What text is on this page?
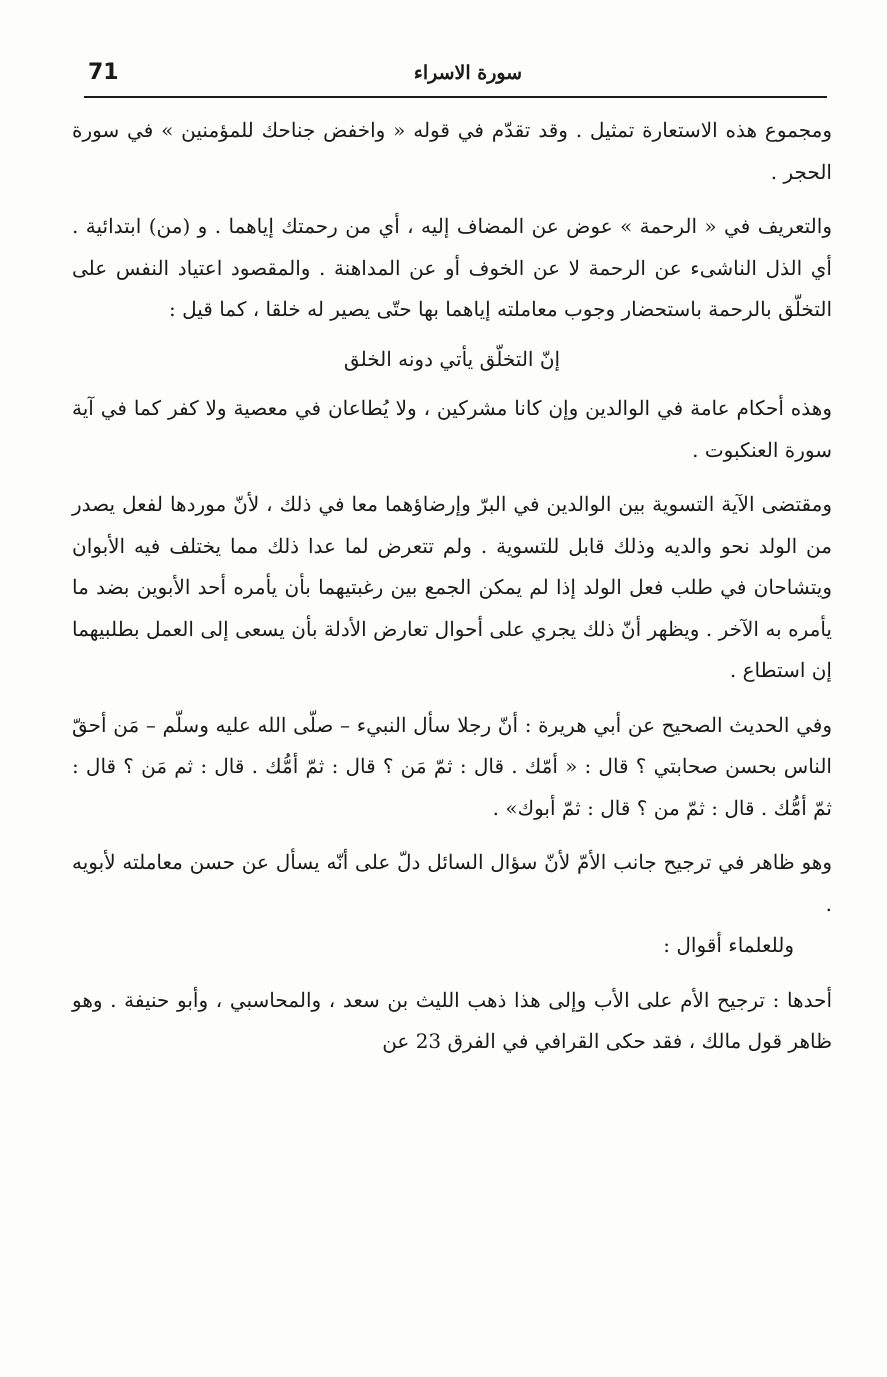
71	سورة الاسراء

ومجموع هذه الاستعارة تمثيل . وقد تقدّم في قوله « واخفض جناحك للمؤمنين » في سورة الحجر .

والتعريف في « الرحمة » عوض عن المضاف إليه ، أي من رحمتك إياهما . و (من) ابتدائية . أي الذل الناشىء عن الرحمة لا عن الخوف أو عن المداهنة . والمقصود اعتياد النفس على التخلّق بالرحمة باستحضار وجوب معاملته إياهما بها حتّى يصير له خلقا ، كما قيل :

إنّ التخلّق يأتي دونه الخلق

وهذه أحكام عامة في الوالدين وإن كانا مشركين ، ولا يُطاعان في معصية ولا كفر كما في آية سورة العنكبوت .

ومقتضى الآية التسوية بين الوالدين في البرّ وإرضاؤهما معا في ذلك ، لأنّ موردها لفعل يصدر من الولد نحو والديه وذلك قابل للتسوية . ولم تتعرض لما عدا ذلك مما يختلف فيه الأبوان ويتشاحان في طلب فعل الولد إذا لم يمكن الجمع بين رغبتيهما بأن يأمره أحد الأبوين بضد ما يأمره به الآخر . ويظهر أنّ ذلك يجري على أحوال تعارض الأدلة بأن يسعى إلى العمل بطلبيهما إن استطاع .

وفي الحديث الصحيح عن أبي هريرة : أنّ رجلا سأل النبيء – صلّى الله عليه وسلّم – مَن أحقّ الناس بحسن صحابتي ؟ قال : « أمّك . قال : ثمّ مَن ؟ قال : ثمّ أمُّك . قال : ثم مَن ؟ قال : ثمّ أمُّك . قال : ثمّ من ؟ قال : ثمّ أبوك» .

وهو ظاهر في ترجيح جانب الأمّ لأنّ سؤال السائل دلّ على أنّه يسأل عن حسن معاملته لأبويه .

وللعلماء أقوال :

أحدها : ترجيح الأم على الأب وإلى هذا ذهب الليث بن سعد ، والمحاسبي ، وأبو حنيفة . وهو ظاهر قول مالك ، فقد حكى القرافي في الفرق 23 عن
